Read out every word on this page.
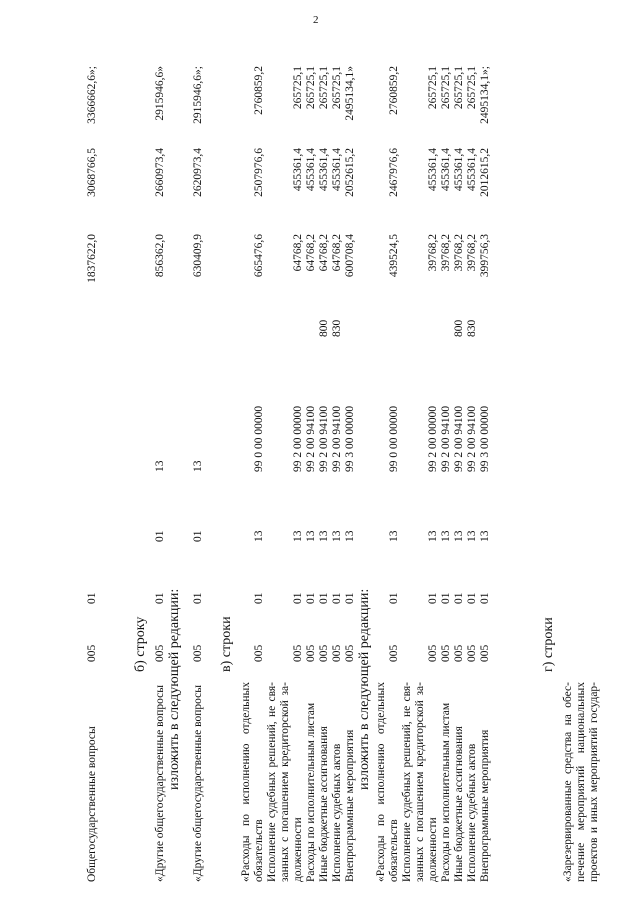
2
Общегосударственные вопросы
005
01
1837622,0
3068766,5
3366662,6»;
б) строку
«Другие общегосударственные вопросы
005
01
01
13
856362,0
2660973,4
2915946,6»
изложить в следующей редакции: «Другие общегосударственные вопросы
005
01
01
13
630409,9
2620973,4
2915946,6»;
в) строки
«Расходы по исполнению отдельных обязательств
005
01
13
99 0 00 00000
665476,6
2507976,6
2760859,2
Исполнение судебных решений, не свя- занных с погашением кредиторской за- долженности
005
01
13
99 2 00 00000
64768,2
455361,4
265725,1
Расходы по исполнительным листам
005
01
13
99 2 00 94100
64768,2
455361,4
265725,1
Иные бюджетные ассигнования
005
01
13
99 2 00 94100
800
64768,2
455361,4
265725,1
Исполнение судебных актов
005
01
13
99 2 00 94100
830
64768,2
455361,4
265725,1
Внепрограммные мероприятия
005
01
13
99 3 00 00000
600708,4
2052615,2
2495134,1»
изложить в следующей редакции: «Расходы по исполнению отдельных обязательств
005
01
13
99 0 00 00000
439524,5
2467976,6
2760859,2
Исполнение судебных решений, не свя- занных с погашением кредиторской за- долженности
005
01
13
99 2 00 00000
39768,2
455361,4
265725,1
Расходы по исполнительным листам
005
01
13
99 2 00 94100
39768,2
455361,4
265725,1
Иные бюджетные ассигнования
005
01
13
99 2 00 94100
800
39768,2
455361,4
265725,1
Исполнение судебных актов
005
01
13
99 2 00 94100
830
39768,2
455361,4
265725,1
Внепрограммные мероприятия
005
01
13
99 3 00 00000
399756,3
2012615,2
2495134,1»;
г) строки
«Зарезервированные средства на обес- печение мероприятий национальных проектов и иных мероприятий государ-
